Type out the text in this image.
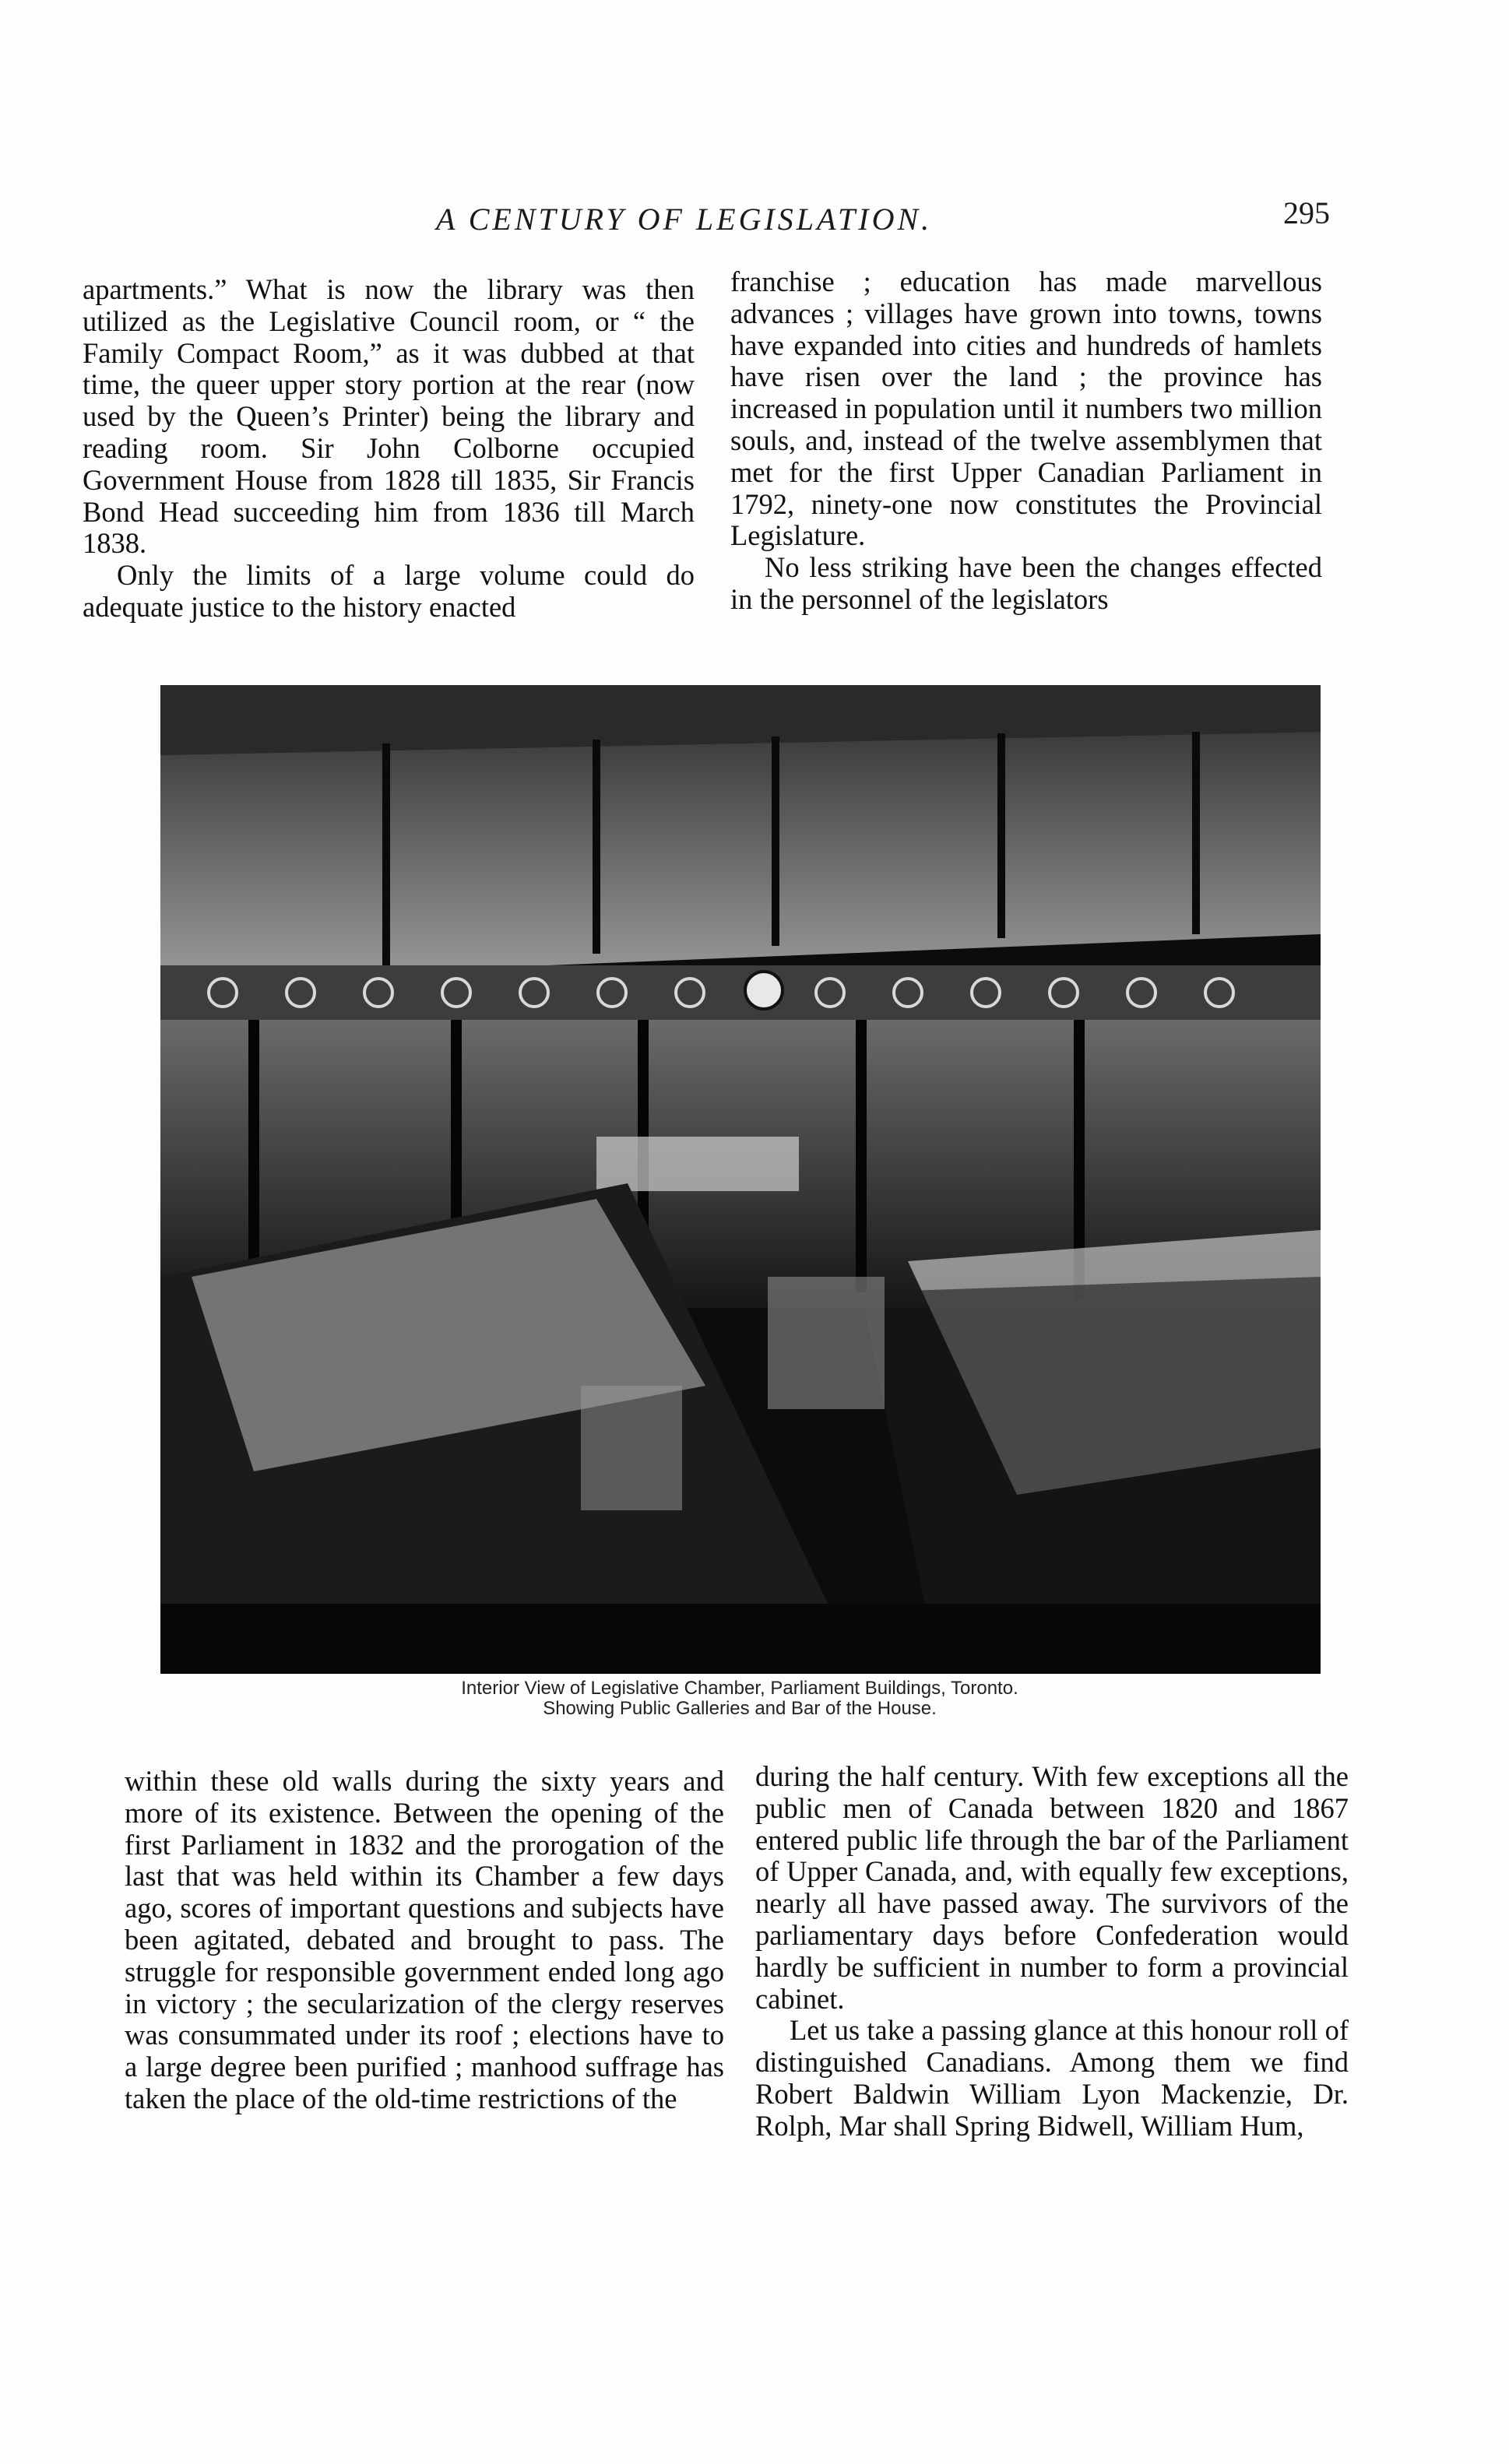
A CENTURY OF LEGISLATION.	295

apartments.” What is now the library was then utilized as the Legislative Council room, or “ the Family Compact Room,” as it was dubbed at that time, the queer upper story portion at the rear (now used by the Queen’s Printer) being the library and reading room. Sir John Colborne occupied Government House from 1828 till 1835, Sir Francis Bond Head succeeding him from 1836 till March 1838.

Only the limits of a large volume could do adequate justice to the history enacted

franchise ; education has made marvellous advances ; villages have grown into towns, towns have expanded into cities and hundreds of hamlets have risen over the land ; the province has increased in population until it numbers two million souls, and, instead of the twelve assemblymen that met for the first Upper Canadian Parliament in 1792, ninety-one now constitutes the Provincial Legislature.

No less striking have been the changes effected in the personnel of the legislators

Interior View of Legislative Chamber, Parliament Buildings, Toronto.
Showing Public Galleries and Bar of the House.

within these old walls during the sixty years and more of its existence. Between the opening of the first Parliament in 1832 and the prorogation of the last that was held within its Chamber a few days ago, scores of important questions and subjects have been agitated, debated and brought to pass. The struggle for responsible government ended long ago in victory ; the secularization of the clergy reserves was consummated under its roof ; elections have to a large degree been purified ; manhood suffrage has taken the place of the old-time restrictions of the

during the half century. With few exceptions all the public men of Canada between 1820 and 1867 entered public life through the bar of the Parliament of Upper Canada, and, with equally few exceptions, nearly all have passed away. The survivors of the parliamentary days before Confederation would hardly be sufficient in number to form a provincial cabinet.

Let us take a passing glance at this honour roll of distinguished Canadians. Among them we find Robert Baldwin William Lyon Mackenzie, Dr. Rolph, Mar shall Spring Bidwell, William Hum,
